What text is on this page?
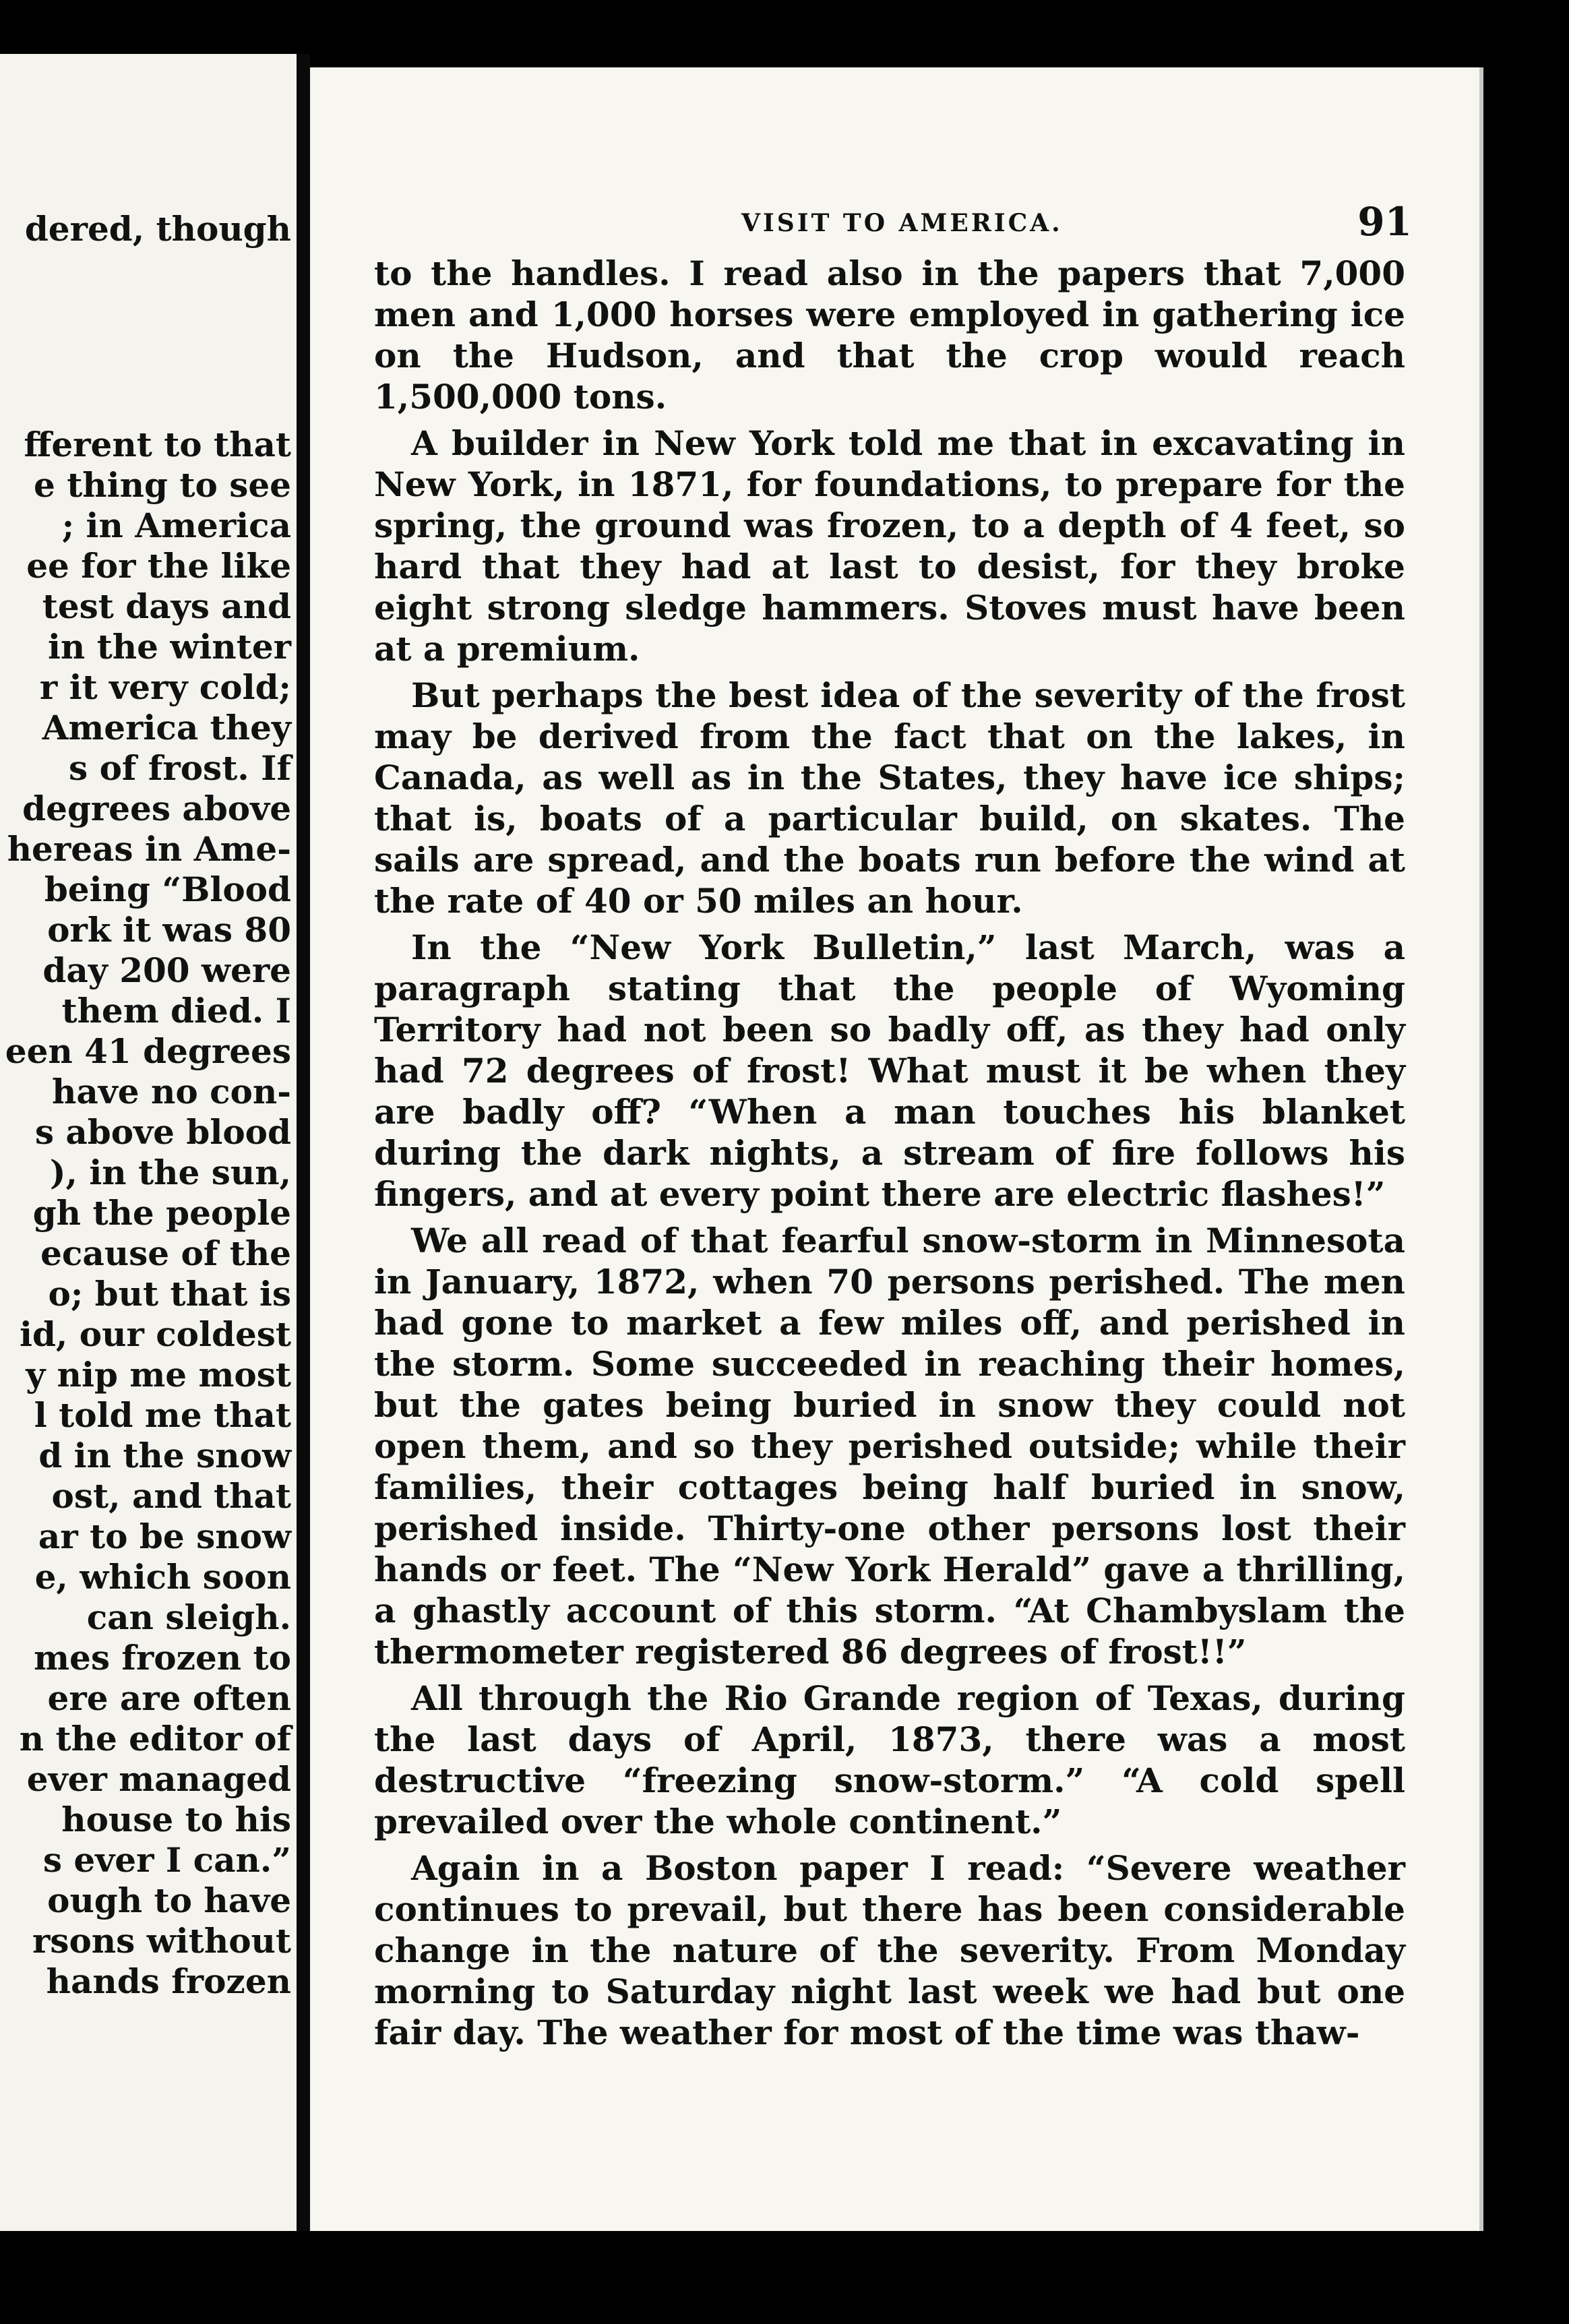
dered, though
fferent to that
e thing to see
; in America
ee for the like
test days and
in the winter
r it very cold;
America they
s of frost. If
degrees above
hereas in Ame-
being “Blood
ork it was 80
day 200 were
them died. I
een 41 degrees
have no con-
s above blood
), in the sun,
gh the people
ecause of the
o; but that is
id, our coldest
y nip me most
l told me that
d in the snow
ost, and that
ar to be snow
e, which soon
can sleigh.
mes frozen to
ere are often
n the editor of
ever managed
house to his
s ever I can.”
ough to have
rsons without
hands frozen
VISIT TO AMERICA.	91

to the handles. I read also in the papers that 7,000 men and 1,000 horses were employed in gathering ice on the Hudson, and that the crop would reach 1,500,000 tons.

A builder in New York told me that in excavating in New York, in 1871, for foundations, to prepare for the spring, the ground was frozen, to a depth of 4 feet, so hard that they had at last to desist, for they broke eight strong sledge hammers. Stoves must have been at a premium.

But perhaps the best idea of the severity of the frost may be derived from the fact that on the lakes, in Canada, as well as in the States, they have ice ships; that is, boats of a particular build, on skates. The sails are spread, and the boats run before the wind at the rate of 40 or 50 miles an hour.

In the “New York Bulletin,” last March, was a paragraph stating that the people of Wyoming Territory had not been so badly off, as they had only had 72 degrees of frost! What must it be when they are badly off? “When a man touches his blanket during the dark nights, a stream of fire follows his fingers, and at every point there are electric flashes!”

We all read of that fearful snow-storm in Minnesota in January, 1872, when 70 persons perished. The men had gone to market a few miles off, and perished in the storm. Some succeeded in reaching their homes, but the gates being buried in snow they could not open them, and so they perished outside; while their families, their cottages being half buried in snow, perished inside. Thirty-one other persons lost their hands or feet. The “New York Herald” gave a thrilling, a ghastly account of this storm. “At Chambyslam the thermometer registered 86 degrees of frost!!”

All through the Rio Grande region of Texas, during the last days of April, 1873, there was a most destructive “freezing snow-storm.” “A cold spell prevailed over the whole continent.”

Again in a Boston paper I read: “Severe weather continues to prevail, but there has been considerable change in the nature of the severity. From Monday morning to Saturday night last week we had but one fair day. The weather for most of the time was thaw-
